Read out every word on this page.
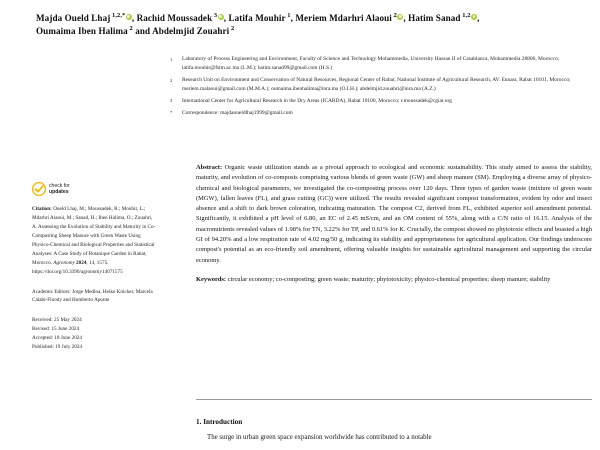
Majda Oueld Lhaj $^{1,2,*}$ , Rachid Moussadek $^3$ , Latifa Mouhir $^1$, Meriem Mdarhri Alaoui $^2$ , Hatim Sanad $^{1,2}$ ,
Oumaima Iben Halima $^2$ and Abdelmjid Zouahri $^2$
1	Laboratory of Process Engineering and Environment, Faculty of Science and Technology Mohammedia, University Hassan II of Casablanca, Mohammedia 28806, Morocco; latifa.mouhir@fstm.ac.ma (L.M.); hatim.sanad99@gmail.com (H.S.)
2	Research Unit on Environment and Conservation of Natural Resources, Regional Center of Rabat, National Institute of Agricultural Research, AV. Ennasr, Rabat 10101, Morocco; meriem.malaoui@gmail.com (M.M.A.); oumaima.ibenhalima@inra.ma (O.I.H.); abdelmjid.zouahri@inra.ma (A.Z.)
3	International Center for Agricultural Research in the Dry Areas (ICARDA), Rabat 10100, Morocco; r.moussadek@cgiar.org
*	Correspondence: majdaoueldlhaj1999@gmail.com
check for
updates
Citation: Oueld Lhaj, M.; Moussadek, R.; Mouhir, L.; Mdarhri Alaoui, M.; Sanad, H.; Iben Halima, O.; Zouahri, A. Assessing the Evolution of Stability and Maturity in Co-Composting Sheep Manure with Green Waste Using Physico-Chemical and Biological Properties and Statistical Analyses: A Case Study of Botanique Garden in Rabat, Morocco. Agronomy 2024, 14, 1575. https://doi.org/10.3390/agronomy14071575
Academic Editors: Jorge Medina, Heike Knicker, Marcela Calabi-Floody and Humberto Aponte
Received: 25 May 2024
Revised: 15 June 2024
Accepted: 18 June 2024
Published: 19 July 2024
Abstract: Organic waste utilization stands as a pivotal approach to ecological and economic sustainability. This study aimed to assess the stability, maturity, and evolution of co-composts comprising various blends of green waste (GW) and sheep manure (SM). Employing a diverse array of physico-chemical and biological parameters, we investigated the co-composting process over 120 days. Three types of garden waste (mixture of green waste (MGW), fallen leaves (FL), and grass cutting (GC)) were utilized. The results revealed significant compost transformation, evident by odor and insect absence and a shift to dark brown coloration, indicating maturation. The compost C2, derived from FL, exhibited superior soil amendment potential. Significantly, it exhibited a pH level of 6.80, an EC of 2.45 mS/cm, and an OM content of 55%, along with a C/N ratio of 16.15. Analysis of the macronutrients revealed values of 1.98% for TN, 3.22% for TP, and 0.61% for K. Crucially, the compost showed no phytotoxic effects and boasted a high GI of 94.20% and a low respiration rate of 4.02 mg/50 g, indicating its stability and appropriateness for agricultural application. Our findings underscore compost's potential as an eco-friendly soil amendment, offering valuable insights for sustainable agricultural management and supporting the circular economy.
Keywords: circular economy; co-composting; green waste; maturity; phytotoxicity; physico-chemical properties; sheep manure; stability
1. Introduction
The surge in urban green space expansion worldwide has contributed to a notable
